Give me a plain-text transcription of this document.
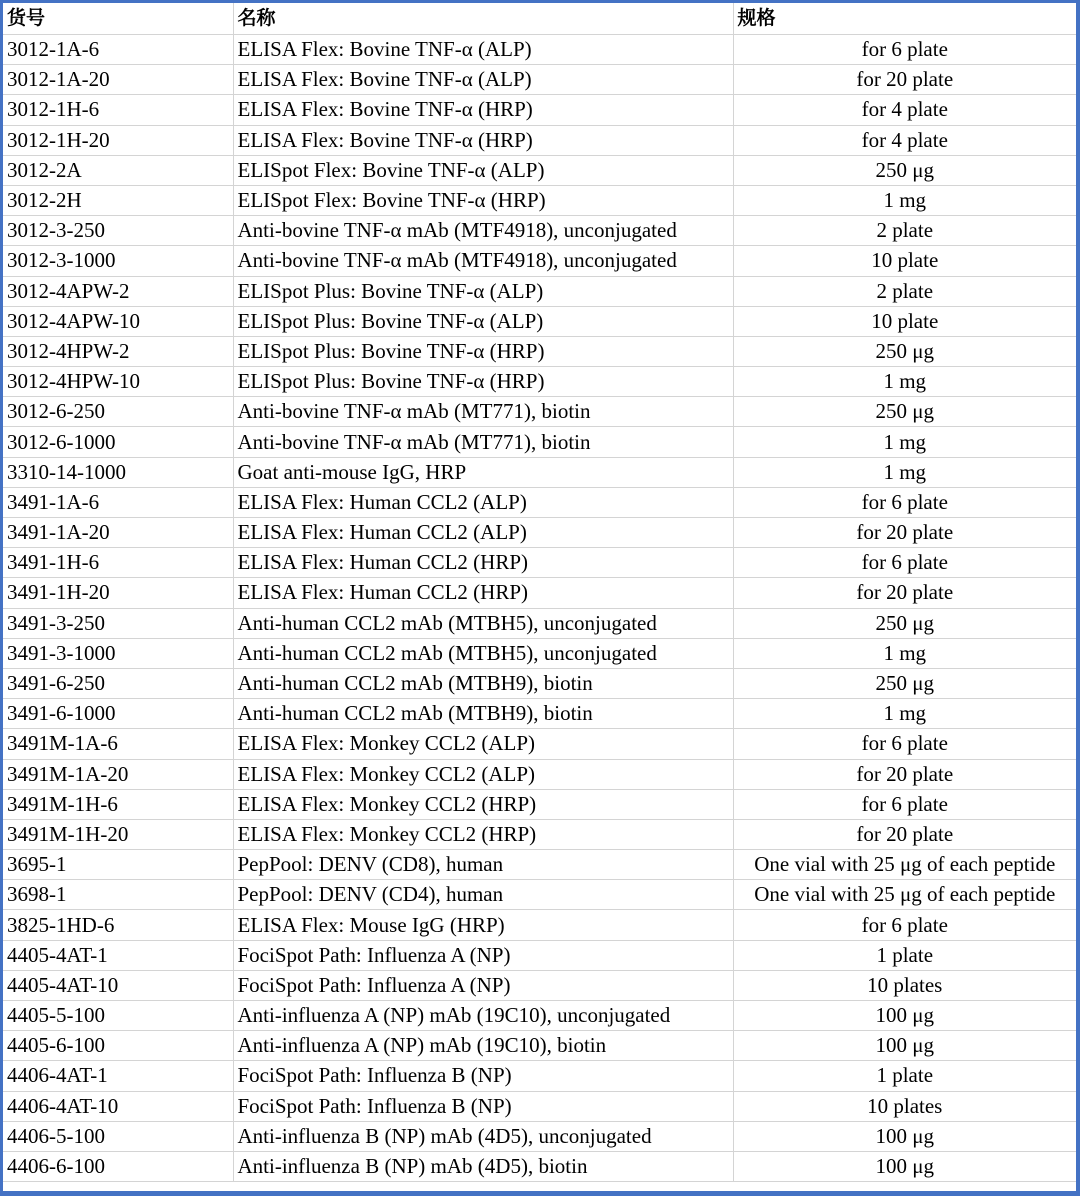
货号	名称	规格
3012-1A-6	ELISA Flex: Bovine TNF-α (ALP)	for 6 plate
3012-1A-20	ELISA Flex: Bovine TNF-α (ALP)	for 20 plate
3012-1H-6	ELISA Flex: Bovine TNF-α (HRP)	for 4 plate
3012-1H-20	ELISA Flex: Bovine TNF-α (HRP)	for 4 plate
3012-2A	ELISpot Flex: Bovine TNF-α (ALP)	250 μg
3012-2H	ELISpot Flex: Bovine TNF-α (HRP)	1 mg
3012-3-250	Anti-bovine TNF-α mAb (MTF4918), unconjugated	2 plate
3012-3-1000	Anti-bovine TNF-α mAb (MTF4918), unconjugated	10 plate
3012-4APW-2	ELISpot Plus: Bovine TNF-α (ALP)	2 plate
3012-4APW-10	ELISpot Plus: Bovine TNF-α (ALP)	10 plate
3012-4HPW-2	ELISpot Plus: Bovine TNF-α (HRP)	250 μg
3012-4HPW-10	ELISpot Plus: Bovine TNF-α (HRP)	1 mg
3012-6-250	Anti-bovine TNF-α mAb (MT771), biotin	250 μg
3012-6-1000	Anti-bovine TNF-α mAb (MT771), biotin	1 mg
3310-14-1000	Goat anti-mouse IgG, HRP	1 mg
3491-1A-6	ELISA Flex: Human CCL2 (ALP)	for 6 plate
3491-1A-20	ELISA Flex: Human CCL2 (ALP)	for 20 plate
3491-1H-6	ELISA Flex: Human CCL2 (HRP)	for 6 plate
3491-1H-20	ELISA Flex: Human CCL2 (HRP)	for 20 plate
3491-3-250	Anti-human CCL2 mAb (MTBH5), unconjugated	250 μg
3491-3-1000	Anti-human CCL2 mAb (MTBH5), unconjugated	1 mg
3491-6-250	Anti-human CCL2 mAb (MTBH9), biotin	250 μg
3491-6-1000	Anti-human CCL2 mAb (MTBH9), biotin	1 mg
3491M-1A-6	ELISA Flex: Monkey CCL2 (ALP)	for 6 plate
3491M-1A-20	ELISA Flex: Monkey CCL2 (ALP)	for 20 plate
3491M-1H-6	ELISA Flex: Monkey CCL2 (HRP)	for 6 plate
3491M-1H-20	ELISA Flex: Monkey CCL2 (HRP)	for 20 plate
3695-1	PepPool: DENV (CD8), human	One vial with 25 μg of each peptide
3698-1	PepPool: DENV (CD4), human	One vial with 25 μg of each peptide
3825-1HD-6	ELISA Flex: Mouse IgG (HRP)	for 6 plate
4405-4AT-1	FociSpot Path: Influenza A (NP)	1 plate
4405-4AT-10	FociSpot Path: Influenza A (NP)	10 plates
4405-5-100	Anti-influenza A (NP) mAb (19C10), unconjugated	100 μg
4405-6-100	Anti-influenza A (NP) mAb (19C10), biotin	100 μg
4406-4AT-1	FociSpot Path: Influenza B (NP)	1 plate
4406-4AT-10	FociSpot Path: Influenza B (NP)	10 plates
4406-5-100	Anti-influenza B (NP) mAb (4D5), unconjugated	100 μg
4406-6-100	Anti-influenza B (NP) mAb (4D5), biotin	100 μg
